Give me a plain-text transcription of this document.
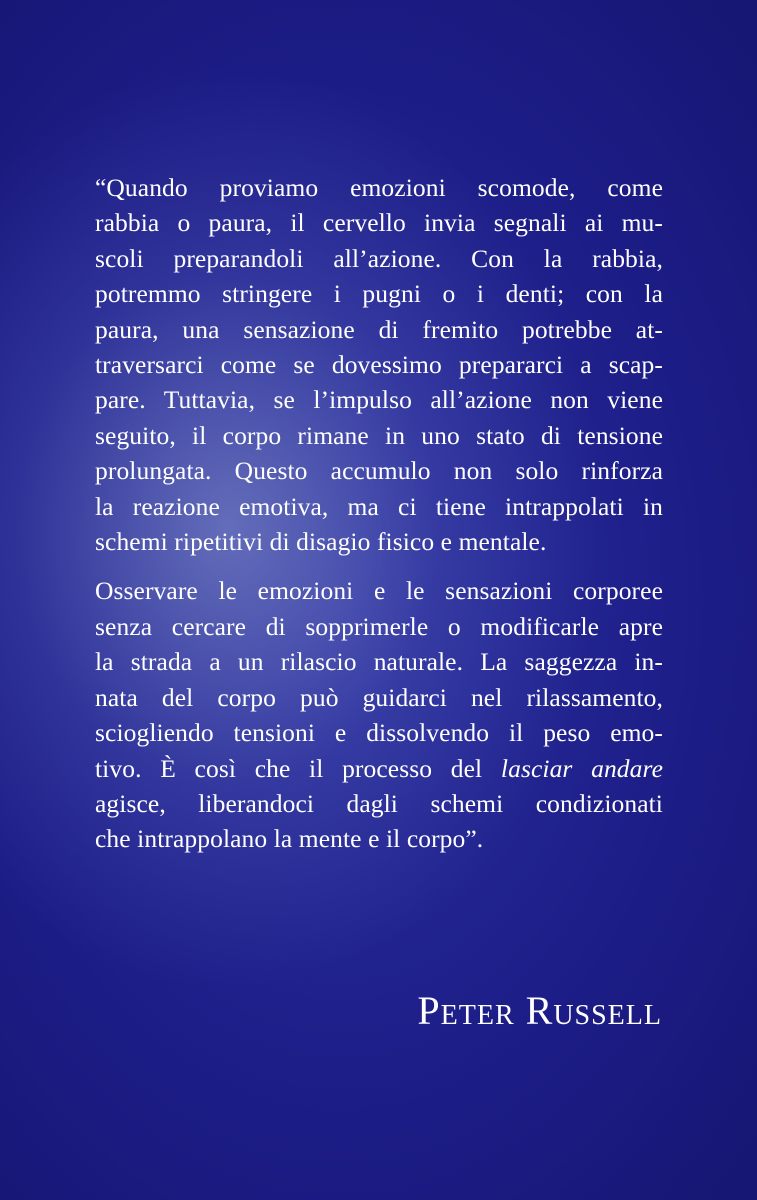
“Quando proviamo emozioni scomode, come
rabbia o paura, il cervello invia segnali ai mu-
scoli preparandoli all’azione. Con la rabbia,
potremmo stringere i pugni o i denti; con la
paura, una sensazione di fremito potrebbe at-
traversarci come se dovessimo prepararci a scap-
pare. Tuttavia, se l’impulso all’azione non viene
seguito, il corpo rimane in uno stato di tensione
prolungata. Questo accumulo non solo rinforza
la reazione emotiva, ma ci tiene intrappolati in
schemi ripetitivi di disagio fisico e mentale.

Osservare le emozioni e le sensazioni corporee
senza cercare di sopprimerle o modificarle apre
la strada a un rilascio naturale. La saggezza in-
nata del corpo può guidarci nel rilassamento,
sciogliendo tensioni e dissolvendo il peso emo-
tivo. È così che il processo del lasciar andare
agisce, liberandoci dagli schemi condizionati
che intrappolano la mente e il corpo”.

Peter Russell
